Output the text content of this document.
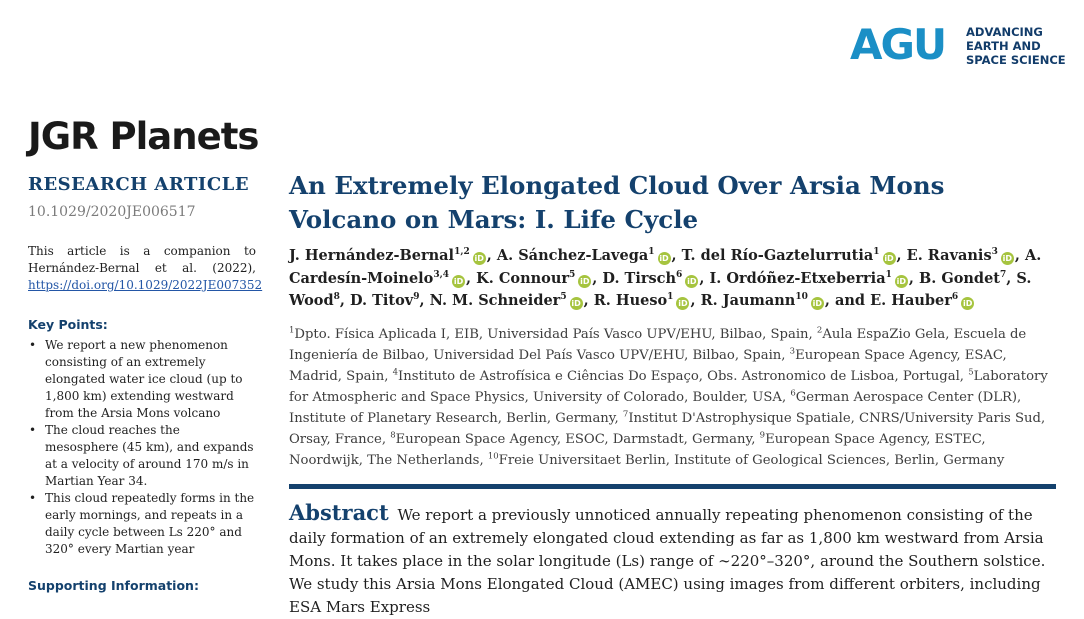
AGU ADVANCING
EARTH AND
SPACE SCIENCE
JGR Planets
RESEARCH ARTICLE
10.1029/2020JE006517
This article is a companion to Hernández-Bernal et al. (2022), https://doi.org/10.1029/2022JE007352
Key Points:
• We report a new phenomenon consisting of an extremely elongated water ice cloud (up to 1,800 km) extending westward from the Arsia Mons volcano
• The cloud reaches the mesosphere (45 km), and expands at a velocity of around 170 m/s in Martian Year 34.
• This cloud repeatedly forms in the early mornings, and repeats in a daily cycle between Ls 220° and 320° every Martian year
Supporting Information:
An Extremely Elongated Cloud Over Arsia Mons Volcano on Mars: I. Life Cycle
J. Hernández-Bernal$^{1,2}$iD , A. Sánchez-Lavega$^1$iD , T. del Río-Gaztelurrutia$^1$iD , E. Ravanis$^3$iD , A. Cardesín-Moinelo$^{3,4}$iD , K. Connour$^5$iD , D. Tirsch$^6$iD , I. Ordóñez-Etxeberria$^1$iD , B. Gondet$^7$, S. Wood$^8$, D. Titov$^9$, N. M. Schneider$^5$iD , R. Hueso$^1$iD , R. Jaumann$^{10}$iD , and E. Hauber$^6$iD
$^1$Dpto. Física Aplicada I, EIB, Universidad País Vasco UPV/EHU, Bilbao, Spain, $^2$Aula EspaZio Gela, Escuela de Ingeniería de Bilbao, Universidad Del País Vasco UPV/EHU, Bilbao, Spain, $^3$European Space Agency, ESAC, Madrid, Spain, $^4$Instituto de Astrofísica e Ciências Do Espaço, Obs. Astronomico de Lisboa, Portugal, $^5$Laboratory for Atmospheric and Space Physics, University of Colorado, Boulder, USA, $^6$German Aerospace Center (DLR), Institute of Planetary Research, Berlin, Germany, $^7$Institut D'Astrophysique Spatiale, CNRS/University Paris Sud, Orsay, France, $^8$European Space Agency, ESOC, Darmstadt, Germany, $^9$European Space Agency, ESTEC, Noordwijk, The Netherlands, $^{10}$Freie Universitaet Berlin, Institute of Geological Sciences, Berlin, Germany
Abstract We report a previously unnoticed annually repeating phenomenon consisting of the daily formation of an extremely elongated cloud extending as far as 1,800 km westward from Arsia Mons. It takes place in the solar longitude (Ls) range of ∼220°–320°, around the Southern solstice. We study this Arsia Mons Elongated Cloud (AMEC) using images from different orbiters, including ESA Mars Express
